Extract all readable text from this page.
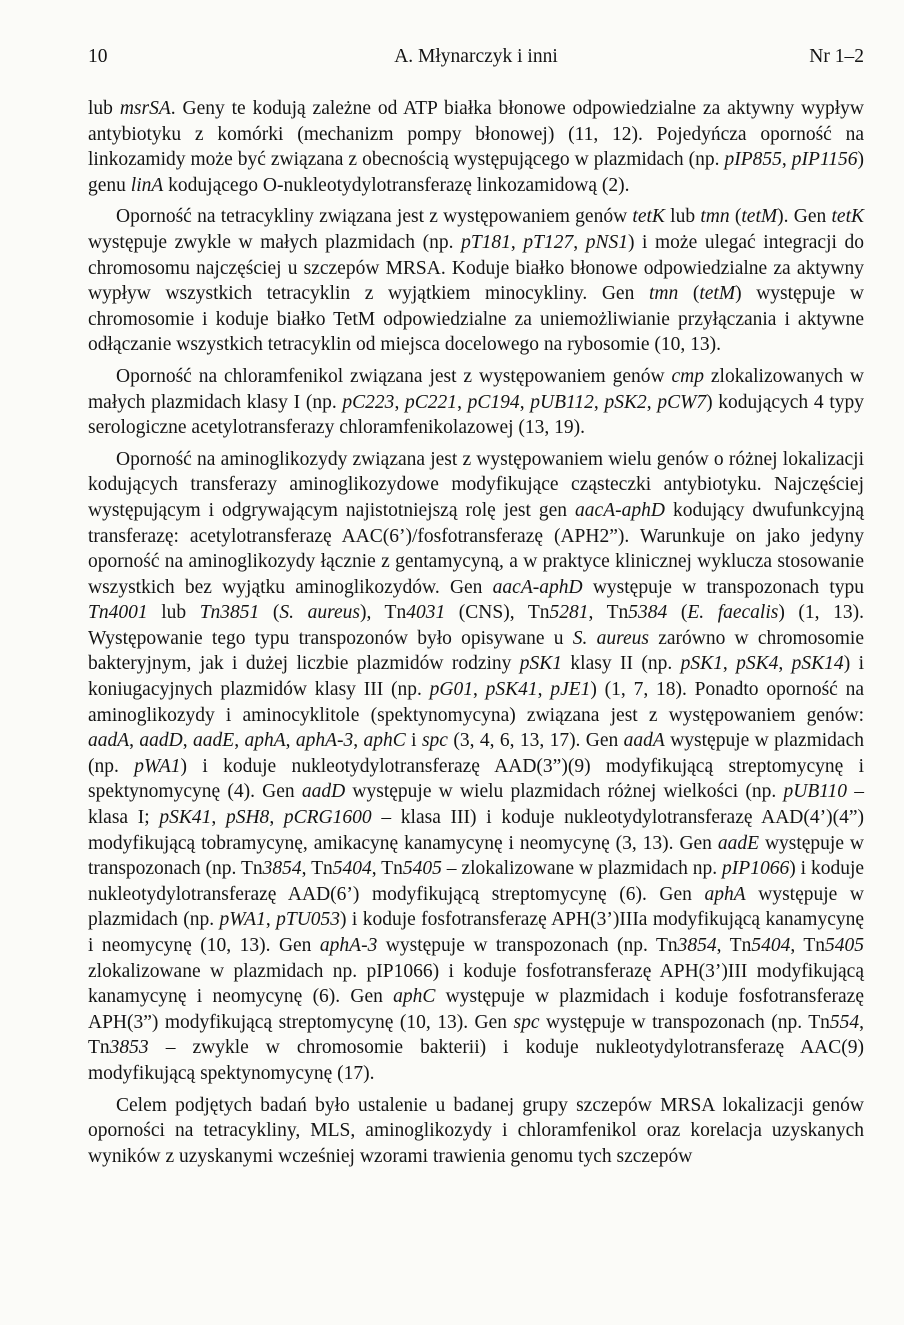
10	A. Młynarczyk i inni	Nr 1–2

lub msrSA. Geny te kodują zależne od ATP białka błonowe odpowiedzialne za aktywny wypływ antybiotyku z komórki (mechanizm pompy błonowej) (11, 12). Pojedyńcza oporność na linkozamidy może być związana z obecnością występującego w plazmidach (np. pIP855, pIP1156) genu linA kodującego O-nukleotydylotransferazę linkozamidową (2).

Oporność na tetracykliny związana jest z występowaniem genów tetK lub tmn (tetM). Gen tetK występuje zwykle w małych plazmidach (np. pT181, pT127, pNS1) i może ulegać integracji do chromosomu najczęściej u szczepów MRSA. Koduje białko błonowe odpowiedzialne za aktywny wypływ wszystkich tetracyklin z wyjątkiem minocykliny. Gen tmn (tetM) występuje w chromosomie i koduje białko TetM odpowiedzialne za uniemożliwianie przyłączania i aktywne odłączanie wszystkich tetracyklin od miejsca docelowego na rybosomie (10, 13).

Oporność na chloramfenikol związana jest z występowaniem genów cmp zlokalizowanych w małych plazmidach klasy I (np. pC223, pC221, pC194, pUB112, pSK2, pCW7) kodujących 4 typy serologiczne acetylotransferazy chloramfenikolazowej (13, 19).

Oporność na aminoglikozydy związana jest z występowaniem wielu genów o różnej lokalizacji kodujących transferazy aminoglikozydowe modyfikujące cząsteczki antybiotyku. Najczęściej występującym i odgrywającym najistotniejszą rolę jest gen aacA-aphD kodujący dwufunkcyjną transferazę: acetylotransferazę AAC(6’)/fosfotransferazę (APH2”). Warunkuje on jako jedyny oporność na aminoglikozydy łącznie z gentamycyną, a w praktyce klinicznej wyklucza stosowanie wszystkich bez wyjątku aminoglikozydów. Gen aacA-aphD występuje w transpozonach typu Tn4001 lub Tn3851 (S. aureus), Tn4031 (CNS), Tn5281, Tn5384 (E. faecalis) (1, 13). Występowanie tego typu transpozonów było opisywane u S. aureus zarówno w chromosomie bakteryjnym, jak i dużej liczbie plazmidów rodziny pSK1 klasy II (np. pSK1, pSK4, pSK14) i koniugacyjnych plazmidów klasy III (np. pG01, pSK41, pJE1) (1, 7, 18). Ponadto oporność na aminoglikozydy i aminocyklitole (spektynomycyna) związana jest z występowaniem genów: aadA, aadD, aadE, aphA, aphA-3, aphC i spc (3, 4, 6, 13, 17). Gen aadA występuje w plazmidach (np. pWA1) i koduje nukleotydylotransferazę AAD(3”)(9) modyfikującą streptomycynę i spektynomycynę (4). Gen aadD występuje w wielu plazmidach różnej wielkości (np. pUB110 – klasa I; pSK41, pSH8, pCRG1600 – klasa III) i koduje nukleotydylotransferazę AAD(4’)(4”) modyfikującą tobramycynę, amikacynę kanamycynę i neomycynę (3, 13). Gen aadE występuje w transpozonach (np. Tn3854, Tn5404, Tn5405 – zlokalizowane w plazmidach np. pIP1066) i koduje nukleotydylotransferazę AAD(6’) modyfikującą streptomycynę (6). Gen aphA występuje w plazmidach (np. pWA1, pTU053) i koduje fosfotransferazę APH(3’)IIIa modyfikującą kanamycynę i neomycynę (10, 13). Gen aphA-3 występuje w transpozonach (np. Tn3854, Tn5404, Tn5405 zlokalizowane w plazmidach np. pIP1066) i koduje fosfotransferazę APH(3’)III modyfikującą kanamycynę i neomycynę (6). Gen aphC występuje w plazmidach i koduje fosfotransferazę APH(3”) modyfikującą streptomycynę (10, 13). Gen spc występuje w transpozonach (np. Tn554, Tn3853 – zwykle w chromosomie bakterii) i koduje nukleotydylotransferazę AAC(9) modyfikującą spektynomycynę (17).

Celem podjętych badań było ustalenie u badanej grupy szczepów MRSA lokalizacji genów oporności na tetracykliny, MLS, aminoglikozydy i chloramfenikol oraz korelacja uzyskanych wyników z uzyskanymi wcześniej wzorami trawienia genomu tych szczepów
